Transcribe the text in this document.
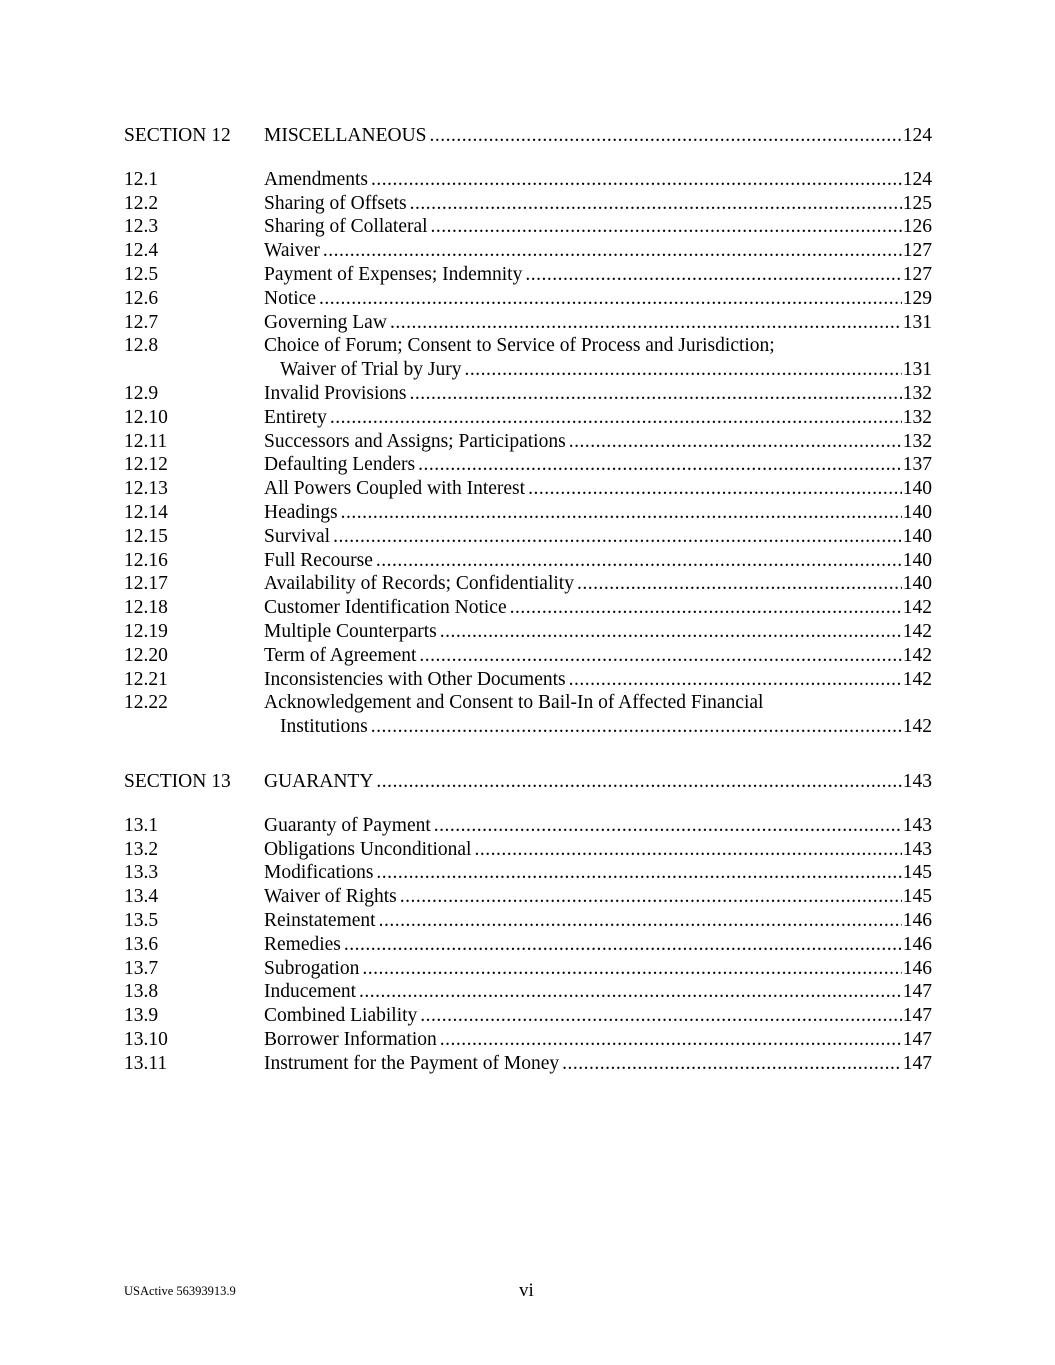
SECTION 12	MISCELLANEOUS .....	124
12.1	Amendments .....	124
12.2	Sharing of Offsets .....	125
12.3	Sharing of Collateral .....	126
12.4	Waiver .....	127
12.5	Payment of Expenses; Indemnity .....	127
12.6	Notice .....	129
12.7	Governing Law .....	131
12.8	Choice of Forum; Consent to Service of Process and Jurisdiction;
Waiver of Trial by Jury .....	131
12.9	Invalid Provisions .....	132
12.10	Entirety .....	132
12.11	Successors and Assigns; Participations .....	132
12.12	Defaulting Lenders .....	137
12.13	All Powers Coupled with Interest .....	140
12.14	Headings .....	140
12.15	Survival .....	140
12.16	Full Recourse .....	140
12.17	Availability of Records; Confidentiality .....	140
12.18	Customer Identification Notice .....	142
12.19	Multiple Counterparts .....	142
12.20	Term of Agreement .....	142
12.21	Inconsistencies with Other Documents .....	142
12.22	Acknowledgement and Consent to Bail-In of Affected Financial
Institutions .....	142
SECTION 13	GUARANTY .....	143
13.1	Guaranty of Payment .....	143
13.2	Obligations Unconditional .....	143
13.3	Modifications .....	145
13.4	Waiver of Rights .....	145
13.5	Reinstatement .....	146
13.6	Remedies .....	146
13.7	Subrogation .....	146
13.8	Inducement .....	147
13.9	Combined Liability .....	147
13.10	Borrower Information .....	147
13.11	Instrument for the Payment of Money .....	147
USActive 56393913.9	vi
